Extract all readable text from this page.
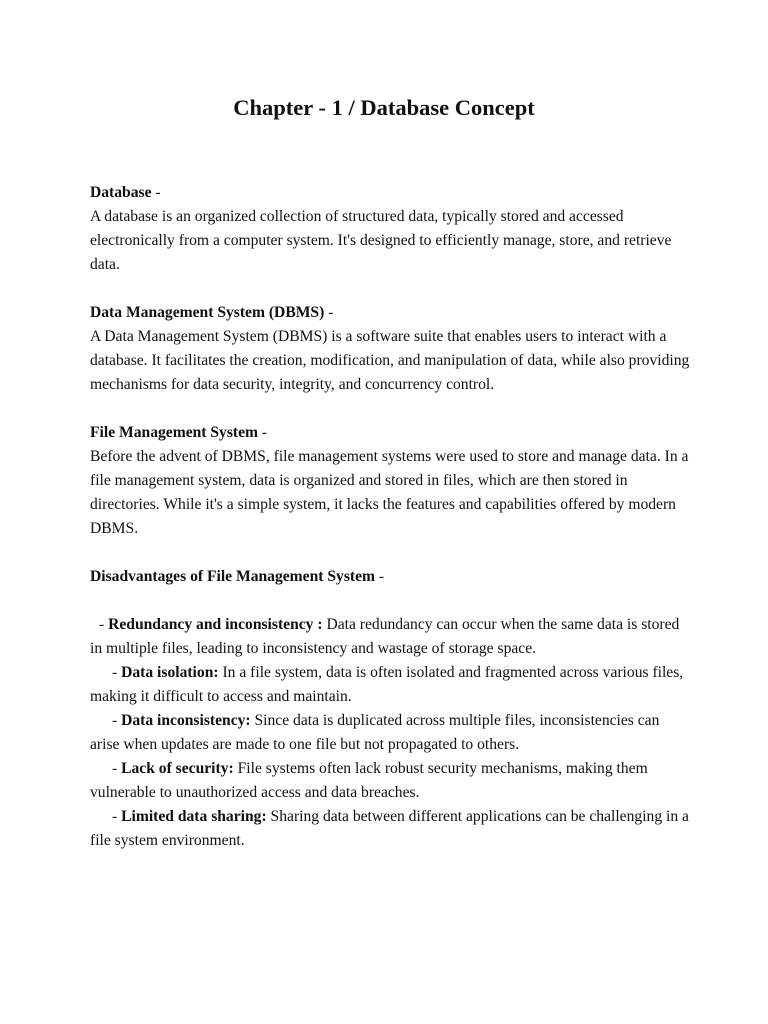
Chapter - 1 / Database Concept

Database -

A database is an organized collection of structured data, typically stored and accessed electronically from a computer system. It's designed to efficiently manage, store, and retrieve data.

Data Management System (DBMS) -

A Data Management System (DBMS) is a software suite that enables users to interact with a database. It facilitates the creation, modification, and manipulation of data, while also providing mechanisms for data security, integrity, and concurrency control.

File Management System -

Before the advent of DBMS, file management systems were used to store and manage data. In a file management system, data is organized and stored in files, which are then stored in directories. While it's a simple system, it lacks the features and capabilities offered by modern DBMS.

Disadvantages of File Management System -

- Redundancy and inconsistency : Data redundancy can occur when the same data is stored in multiple files, leading to inconsistency and wastage of storage space.

- Data isolation: In a file system, data is often isolated and fragmented across various files, making it difficult to access and maintain.

- Data inconsistency: Since data is duplicated across multiple files, inconsistencies can arise when updates are made to one file but not propagated to others.

- Lack of security: File systems often lack robust security mechanisms, making them vulnerable to unauthorized access and data breaches.

- Limited data sharing: Sharing data between different applications can be challenging in a file system environment.
